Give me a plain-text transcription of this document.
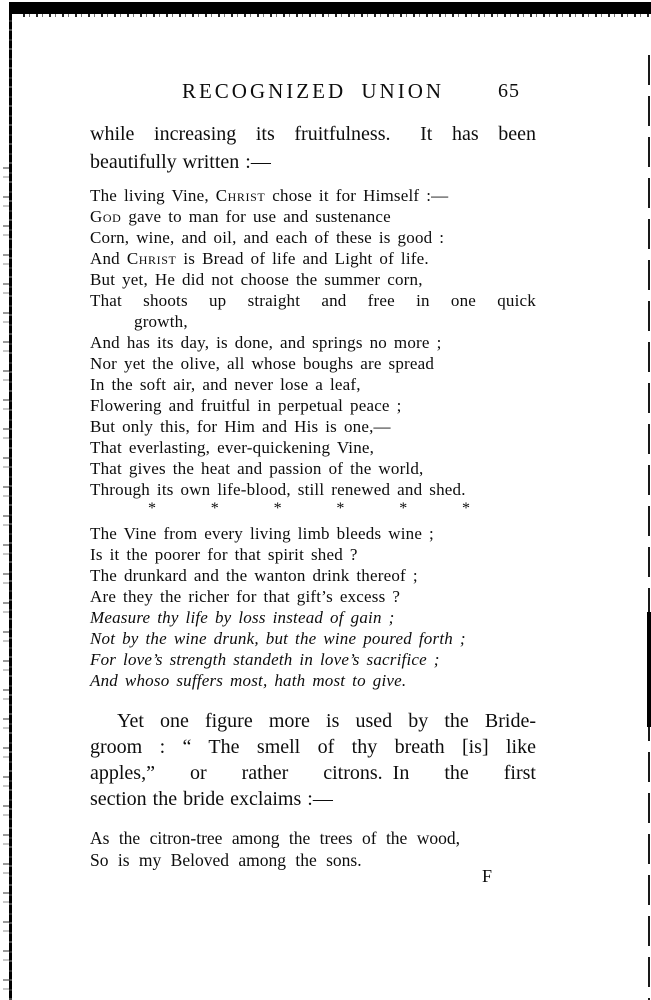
RECOGNIZED UNION	65
while increasing its fruitfulness.  It has been
beautifully written :—
The living Vine, Christ chose it for Himself :—
God gave to man for use and sustenance
Corn, wine, and oil, and each of these is good :
And Christ is Bread of life and Light of life.
But yet, He did not choose the summer corn,
That shoots up straight and free in one quick
growth,
And has its day, is done, and springs no more ;
Nor yet the olive, all whose boughs are spread
In the soft air, and never lose a leaf,
Flowering and fruitful in perpetual peace ;
But only this, for Him and His is one,—
That everlasting, ever-quickening Vine,
That gives the heat and passion of the world,
Through its own life-blood, still renewed and shed.
*	*	*	*	*	*
The Vine from every living limb bleeds wine ;
Is it the poorer for that spirit shed ?
The drunkard and the wanton drink thereof ;
Are they the richer for that gift’s excess ?
Measure thy life by loss instead of gain ;
Not by the wine drunk, but the wine poured forth ;
For love’s strength standeth in love’s sacrifice ;
And whoso suffers most, hath most to give.
Yet one figure more is used by the Bride-
groom : “ The smell of thy breath [is] like
apples,” or rather citrons. In the first
section the bride exclaims :—
As the citron-tree among the trees of the wood,
So is my Beloved among the sons.
F
